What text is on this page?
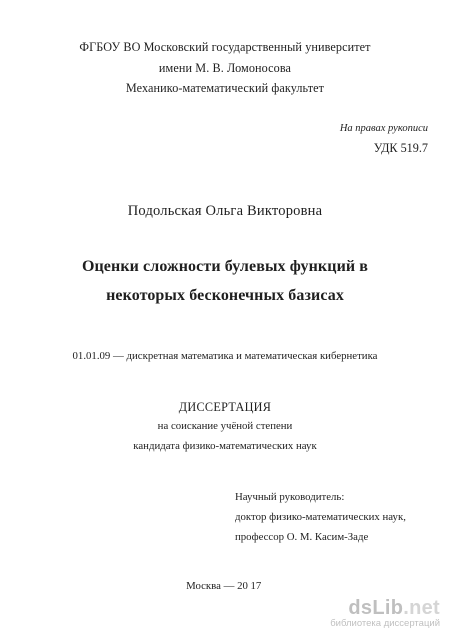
ФГБОУ ВО Московский государственный университет
имени М. В. Ломоносова
Механико-математический факультет
На правах рукописи
УДК 519.7
Подольская Ольга Викторовна
Оценки сложности булевых функций в
некоторых бесконечных базисах
01.01.09 — дискретная математика и математическая кибернетика
ДИССЕРТАЦИЯ
на соискание учёной степени
кандидата физико-математических наук
Научный руководитель:
доктор физико-математических наук,
профессор О. М. Касим-Заде
Москва — 20 17
dsLib.net
библиотека диссертаций
